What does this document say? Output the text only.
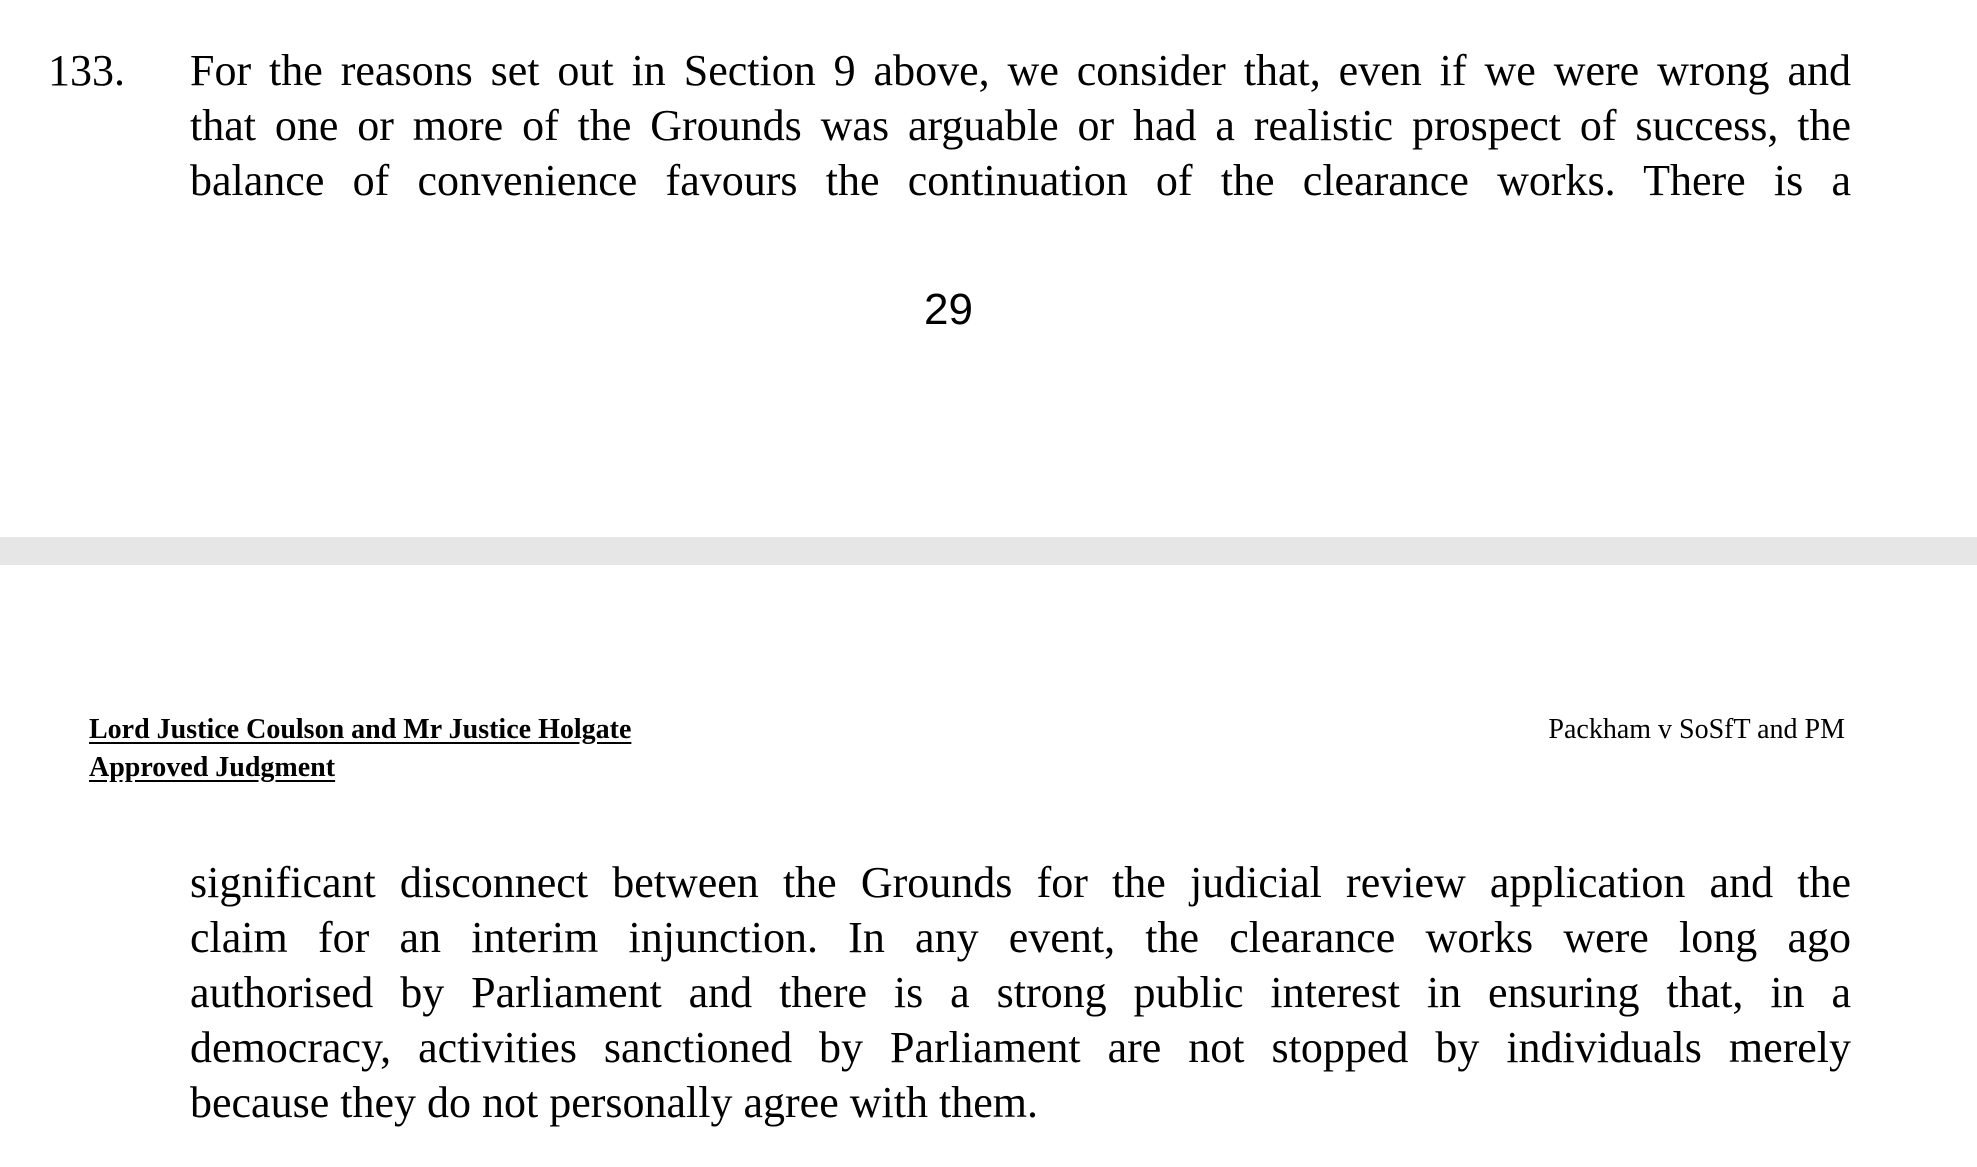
133. For the reasons set out in Section 9 above, we consider that, even if we were wrong and
that one or more of the Grounds was arguable or had a realistic prospect of success, the
balance of convenience favours the continuation of the clearance works. There is a
29
Lord Justice Coulson and Mr Justice Holgate
Approved Judgment
Packham v SoSfT and PM
significant disconnect between the Grounds for the judicial review application and the
claim for an interim injunction. In any event, the clearance works were long ago
authorised by Parliament and there is a strong public interest in ensuring that, in a
democracy, activities sanctioned by Parliament are not stopped by individuals merely
because they do not personally agree with them.
